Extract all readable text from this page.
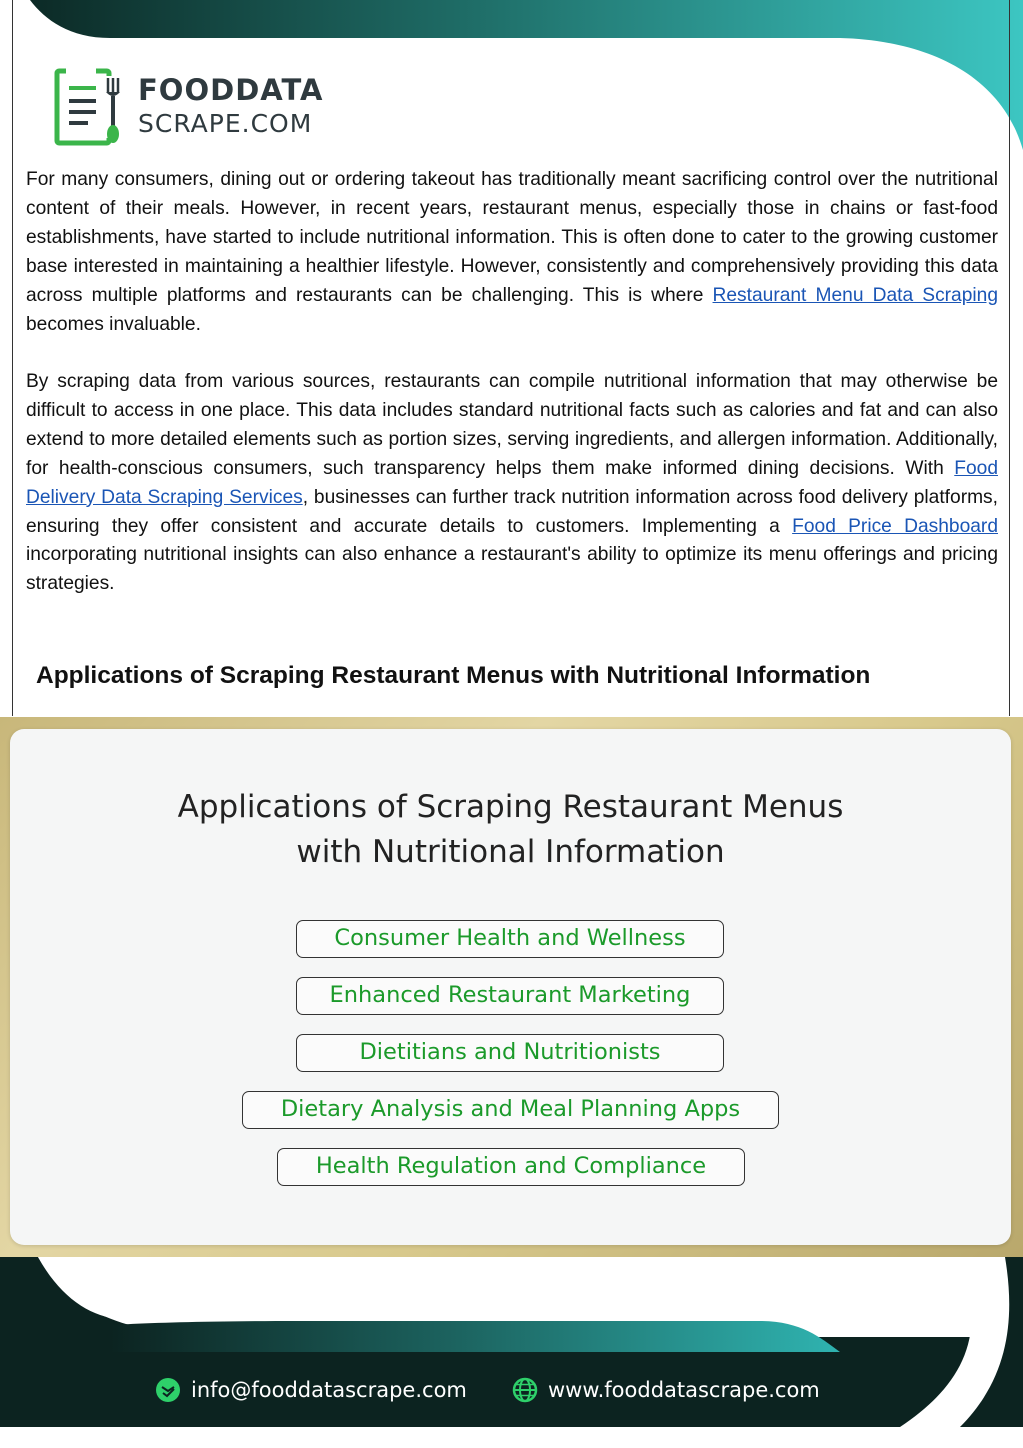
FOODDATA
SCRAPE.COM

For many consumers, dining out or ordering takeout has traditionally meant sacrificing control over the nutritional content of their meals. However, in recent years, restaurant menus, especially those in chains or fast-food establishments, have started to include nutritional information. This is often done to cater to the growing customer base interested in maintaining a healthier lifestyle. However, consistently and comprehensively providing this data across multiple platforms and restaurants can be challenging. This is where Restaurant Menu Data Scraping becomes invaluable.

By scraping data from various sources, restaurants can compile nutritional information that may otherwise be difficult to access in one place. This data includes standard nutritional facts such as calories and fat and can also extend to more detailed elements such as portion sizes, serving ingredients, and allergen information. Additionally, for health-conscious consumers, such transparency helps them make informed dining decisions. With Food Delivery Data Scraping Services, businesses can further track nutrition information across food delivery platforms, ensuring they offer consistent and accurate details to customers. Implementing a Food Price Dashboard incorporating nutritional insights can also enhance a restaurant's ability to optimize its menu offerings and pricing strategies.

Applications of Scraping Restaurant Menus with Nutritional Information
Applications of Scraping Restaurant Menus
with Nutritional Information
Consumer Health and Wellness
Enhanced Restaurant Marketing
Dietitians and Nutritionists
Dietary Analysis and Meal Planning Apps
Health Regulation and Compliance
info@fooddatascrape.com	www.fooddatascrape.com
